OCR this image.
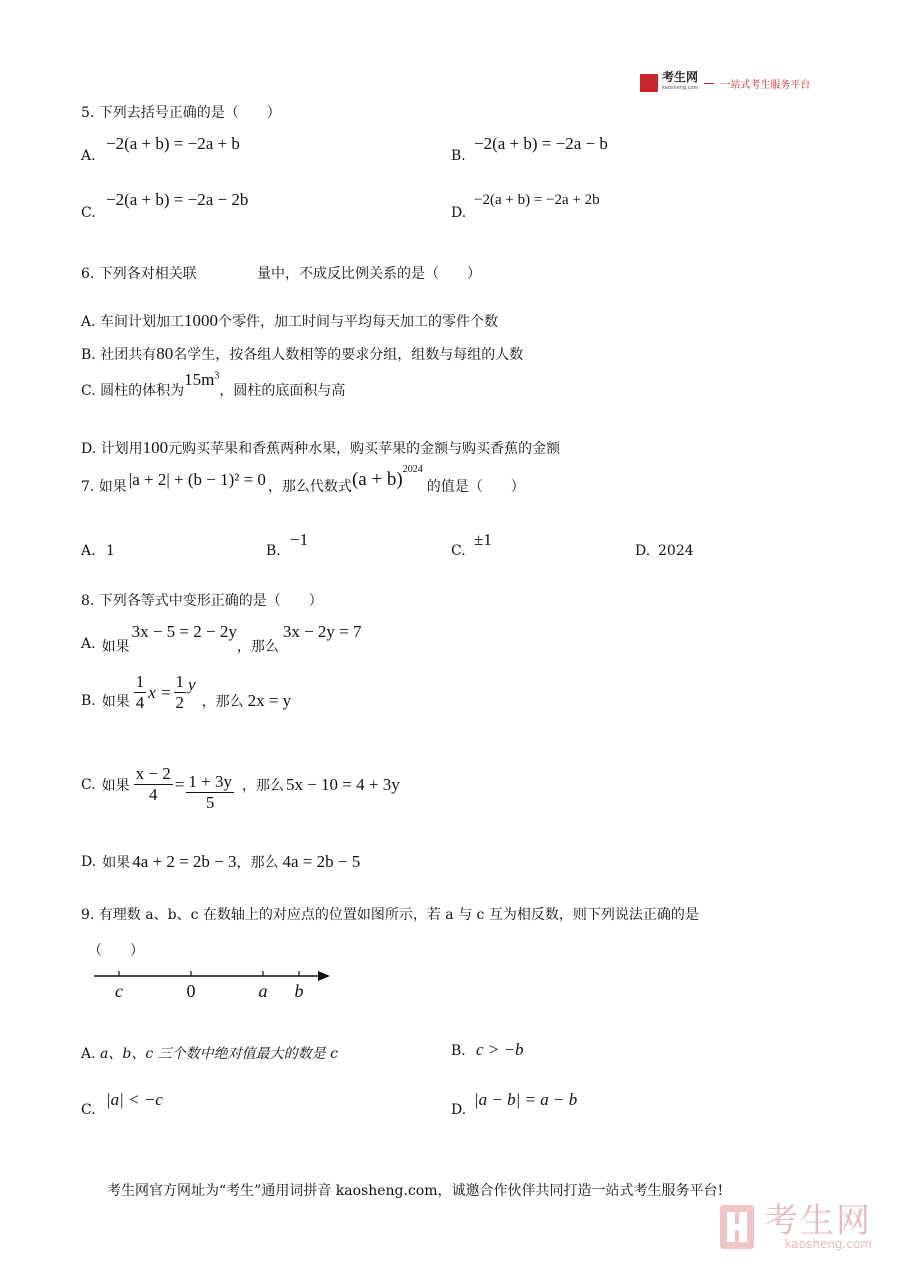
考生网
kaosheng.com 一站式考生服务平台
5. 下列去括号正确的是（　　）
A.
−2(a + b) = −2a + b
B.
−2(a + b) = −2a − b
C.
−2(a + b) = −2a − 2b
D.
−2(a + b) = −2a + 2b
6. 下列各对相关联	量中，不成反比例关系的是（　　）
A. 车间计划加工1000个零件，加工时间与平均每天加工的零件个数
B. 社团共有80名学生，按各组人数相等的要求分组，组数与每组的人数
C. 圆柱的体积为$15m^3$，圆柱的底面积与高
D. 计划用100元购买苹果和香蕉两种水果，购买苹果的金额与购买香蕉的金额
7. 如果 |a + 2| + (b − 1)² = 0 ，那么代数式 $(a + b)^{2024}$
的值是（　　）
A. 1	B.
−1
C.
±1
D. 2024
8. 下列各等式中变形正确的是（　　）
A. 如果
3x − 5 = 2 − 2y
，那么
3x − 2y = 7
B. 如果 $\frac{1}{4}$ $x = \frac{1}{2}$ y
，那么 2x = y
C. 如果 $\frac{x - 2}{4} = \frac{1 + 3y}{5}$ ，那么 5x − 10 = 4 + 3y
D. 如果 4a + 2 = 2b − 3 ，那么 4a = 2b − 5
9. 有理数 a、b、c 在数轴上的对应点的位置如图所示，若 a 与 c 互为相反数，则下列说法正确的是
（　　）
c	0	a b
A. a、b、c 三个数中绝对值最大的数是 c	B. c > −b
C.
|a| < −c
D.
|a − b| = a − b
考生网官方网址为“考生”通用词拼音 kaosheng.com，诚邀合作伙伴共同打造一站式考生服务平台!
考生网
kaosheng.com
